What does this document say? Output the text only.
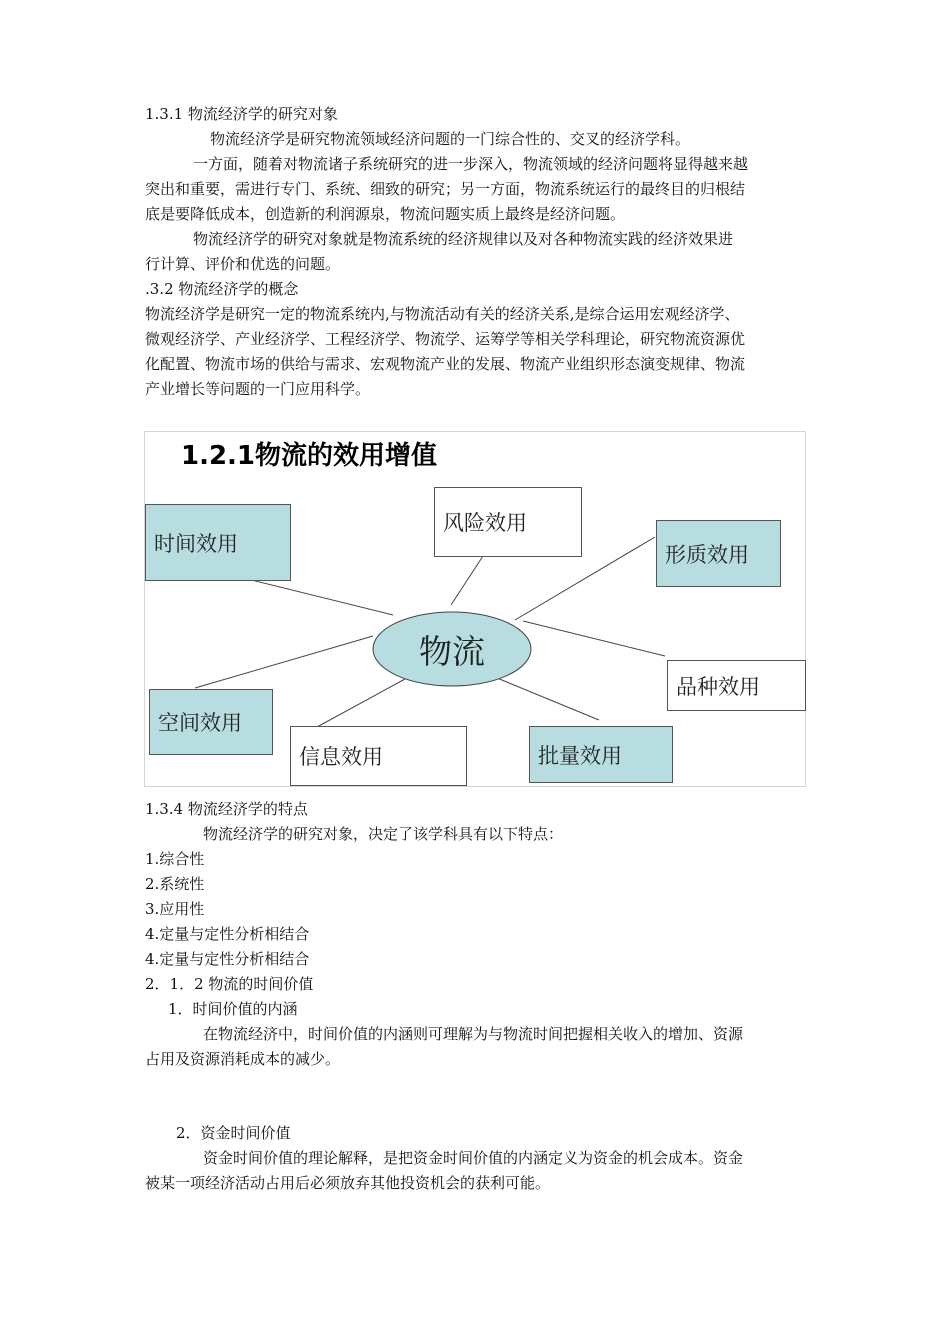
1.3.1 物流经济学的研究对象

物流经济学是研究物流领域经济问题的一门综合性的、交叉的经济学科。

一方面，随着对物流诸子系统研究的进一步深入，物流领域的经济问题将显得越来越

突出和重要，需进行专门、系统、细致的研究；另一方面，物流系统运行的最终目的归根结

底是要降低成本，创造新的利润源泉，物流问题实质上最终是经济问题。

物流经济学的研究对象就是物流系统的经济规律以及对各种物流实践的经济效果进

行计算、评价和优选的问题。

.3.2 物流经济学的概念

物流经济学是研究一定的物流系统内,与物流活动有关的经济关系,是综合运用宏观经济学、

微观经济学、产业经济学、工程经济学、物流学、运筹学等相关学科理论，研究物流资源优

化配置、物流市场的供给与需求、宏观物流产业的发展、物流产业组织形态演变规律、物流

产业增长等问题的一门应用科学。

1.2.1物流的效用增值

时间效用
风险效用
形质效用
品种效用
空间效用
信息效用	批量效用
物流

1.3.4 物流经济学的特点

物流经济学的研究对象，决定了该学科具有以下特点：

1.综合性

2.系统性

3.应用性

4.定量与定性分析相结合

4.定量与定性分析相结合

2．1．2 物流的时间价值

1．时间价值的内涵

在物流经济中，时间价值的内涵则可理解为与物流时间把握相关收入的增加、资源

占用及资源消耗成本的减少。

2．资金时间价值

资金时间价值的理论解释，是把资金时间价值的内涵定义为资金的机会成本。资金

被某一项经济活动占用后必须放弃其他投资机会的获利可能。
